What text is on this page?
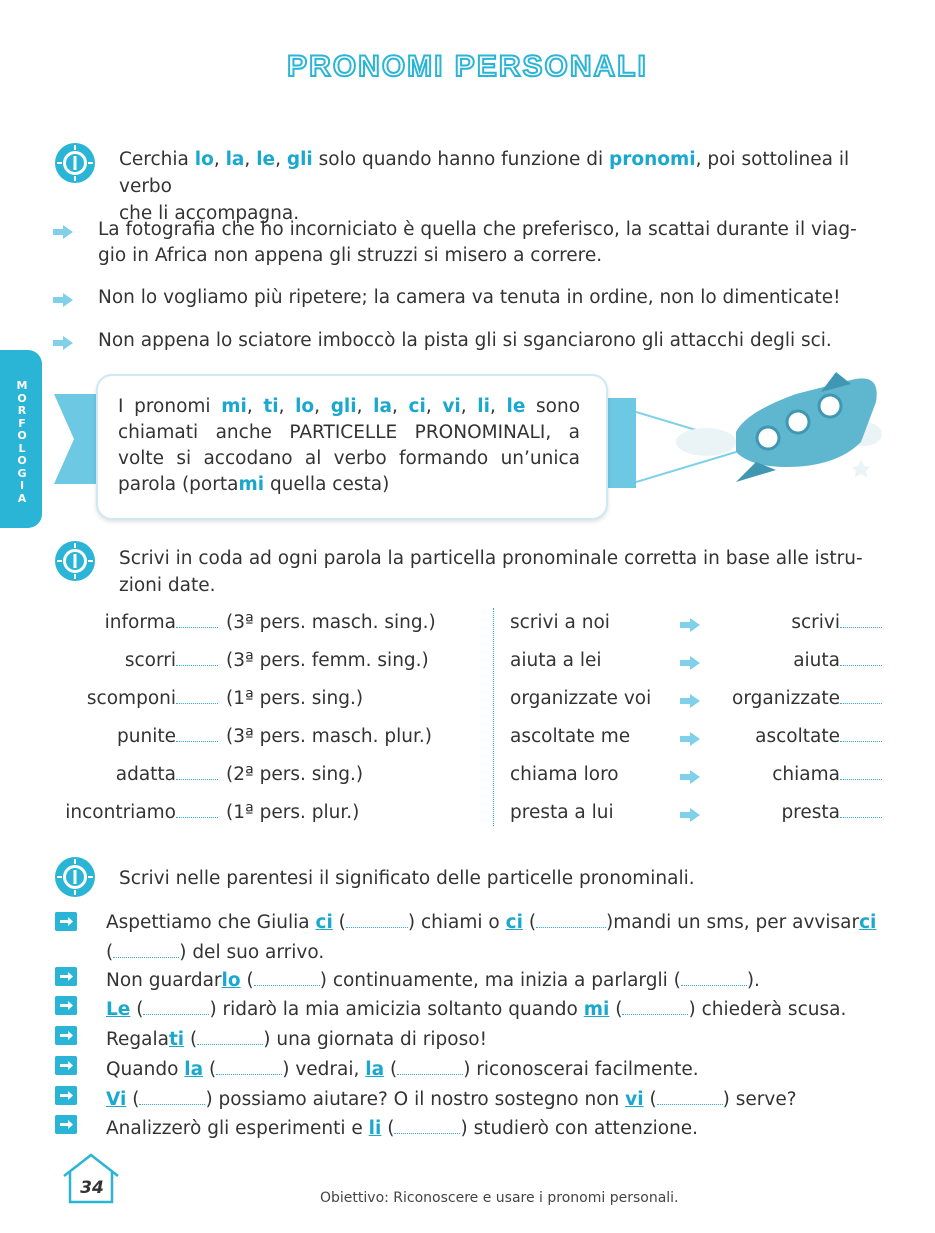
PRONOMI PERSONALI
M
O
R
F
O
L
O
G
I
A
Cerchia lo, la, le, gli solo quando hanno funzione di pronomi, poi sottolinea il verbo
che li accompagna.
La fotografia che ho incorniciato è quella che preferisco, la scattai durante il viag-
gio in Africa non appena gli struzzi si misero a correre.
Non lo vogliamo più ripetere; la camera va tenuta in ordine, non lo dimenticate!
Non appena lo sciatore imboccò la pista gli si sganciarono gli attacchi degli sci.
I pronomi mi, ti, lo, gli, la, ci, vi, li, le sono chiamati anche PARTICELLE PRONOMINALI, a volte si accodano al verbo formando un’unica parola (portami quella cesta)
Scrivi in coda ad ogni parola la particella pronominale corretta in base alle istru-
zioni date.
informa	(3ª pers. masch. sing.)
scorri	(3ª pers. femm. sing.)
scomponi	(1ª pers. sing.)
punite	(3ª pers. masch. plur.)
adatta	(2ª pers. sing.)
incontriamo	(1ª pers. plur.)
scrivi a noi	scrivi
aiuta a lei	aiuta
organizzate voi	organizzate
ascoltate me	ascoltate
chiama loro	chiama
presta a lui	presta
Scrivi nelle parentesi il significato delle particelle pronominali.
Aspettiamo che Giulia ci (	) chiami o ci (	)mandi un sms, per avvisarci
(	) del suo arrivo.
Non guardarlo (	) continuamente, ma inizia a parlargli (	).
Le (	) ridarò la mia amicizia soltanto quando mi (	) chiederà scusa.
Regalati (	) una giornata di riposo!
Quando la (	) vedrai, la (	) riconoscerai facilmente.
Vi (	) possiamo aiutare? O il nostro sostegno non vi (	) serve?
Analizzerò gli esperimenti e li (	) studierò con attenzione.
34	Obiettivo: Riconoscere e usare i pronomi personali.
